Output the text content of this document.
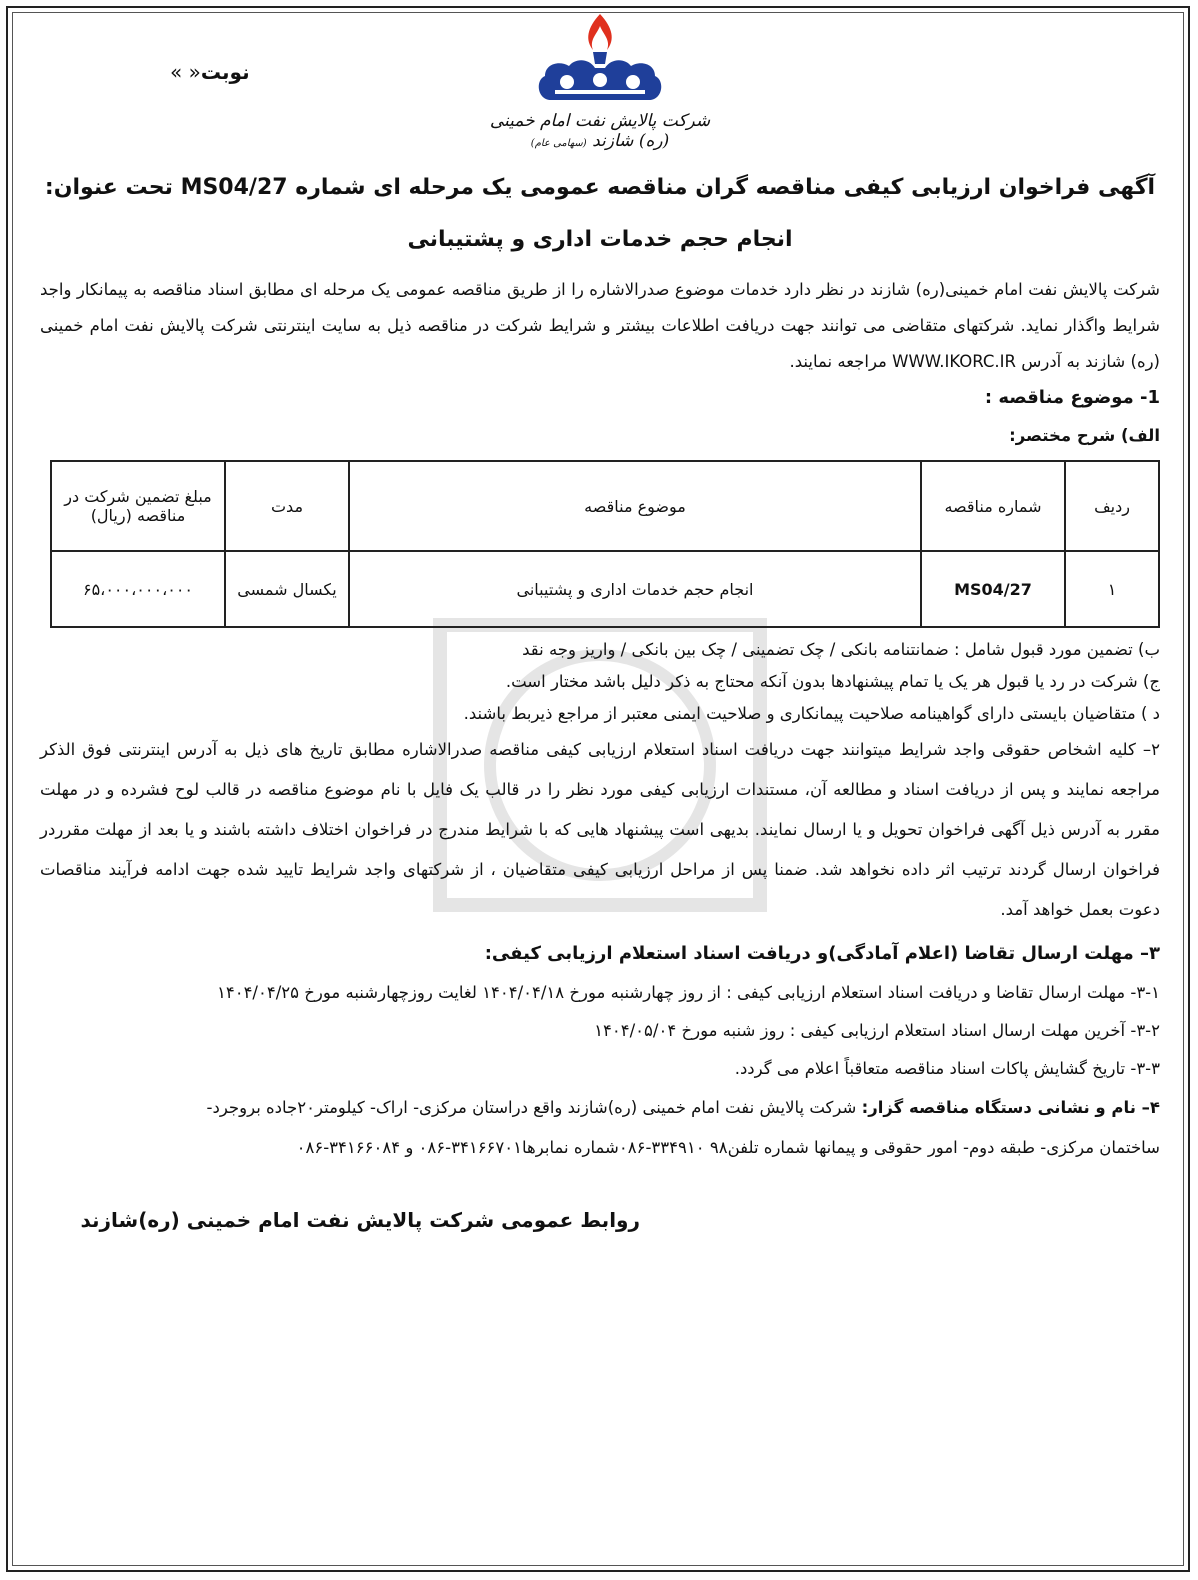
نوبت« »
شرکت پالایش نفت امام خمینی (ره) شازند (سهامی عام)
آگهی فراخوان ارزیابی کیفی مناقصه گران مناقصه عمومی یک مرحله ای شماره MS04/27 تحت عنوان:
انجام حجم خدمات اداری و پشتیبانی
شرکت پالایش نفت امام خمینی(ره) شازند در نظر دارد خدمات موضوع صدرالاشاره را از طریق مناقصه عمومی یک مرحله ای مطابق اسناد مناقصه به پیمانکار واجد شرایط واگذار نماید. شرکتهای متقاضی می توانند جهت دریافت اطلاعات بیشتر و شرایط شرکت در مناقصه ذیل به سایت اینترنتی شرکت پالایش نفت امام خمینی (ره) شازند به آدرس WWW.IKORC.IR مراجعه نمایند.
1- موضوع مناقصه :
الف) شرح مختصر:
ردیف	شماره مناقصه	موضوع مناقصه	مدت	مبلغ تضمین شرکت در مناقصه (ریال)
۱	MS04/27	انجام حجم خدمات اداری و پشتیبانی	یکسال شمسی	۶۵،۰۰۰،۰۰۰،۰۰۰
ب) تضمین مورد قبول شامل : ضمانتنامه بانکی / چک تضمینی / چک بین بانکی / واریز وجه نقد
ج) شرکت در رد یا قبول هر یک یا تمام پیشنهادها بدون آنکه محتاج به ذکر دلیل باشد مختار است.
د ) متقاضیان بایستی دارای گواهینامه صلاحیت پیمانکاری و صلاحیت ایمنی معتبر از مراجع ذیربط باشند.
۲– کلیه اشخاص حقوقی واجد شرایط میتوانند جهت دریافت اسناد استعلام ارزیابی کیفی مناقصه صدرالاشاره مطابق تاریخ های ذیل به آدرس اینترنتی فوق الذکر مراجعه نمایند و پس از دریافت اسناد و مطالعه آن، مستندات ارزیابی کیفی مورد نظر را در قالب یک فایل با نام موضوع مناقصه در قالب لوح فشرده و در مهلت مقرر به آدرس ذیل آگهی فراخوان تحویل و یا ارسال نمایند. بدیهی است پیشنهاد هایی که با شرایط مندرج در فراخوان اختلاف داشته باشند و یا بعد از مهلت مقرردر فراخوان ارسال گردند ترتیب اثر داده نخواهد شد. ضمنا پس از مراحل ارزیابی کیفی متقاضیان ، از شرکتهای واجد شرایط تایید شده جهت ادامه فرآیند مناقصات دعوت بعمل خواهد آمد.
۳– مهلت ارسال تقاضا (اعلام آمادگی)و دریافت اسناد استعلام ارزیابی کیفی:
۳-۱- مهلت ارسال تقاضا و دریافت اسناد استعلام ارزیابی کیفی : از روز چهارشنبه مورخ ۱۴۰۴/۰۴/۱۸ لغایت روزچهارشنبه مورخ ۱۴۰۴/۰۴/۲۵
۳-۲- آخرین مهلت ارسال اسناد استعلام ارزیابی کیفی : روز شنبه مورخ ۱۴۰۴/۰۵/۰۴
۳-۳- تاریخ گشایش پاکات اسناد مناقصه متعاقباً اعلام می گردد.
۴– نام و نشانی دستگاه مناقصه گزار: شرکت پالایش نفت امام خمینی (ره)شازند واقع دراستان مرکزی- اراک- کیلومتر۲۰جاده بروجرد-
ساختمان مرکزی- طبقه دوم- امور حقوقی و پیمانها شماره تلفن۹۸ ۳۳۴۹۱۰-۰۸۶شماره نمابرها۳۴۱۶۶۷۰۱-۰۸۶ و ۳۴۱۶۶۰۸۴-۰۸۶
روابط عمومی شرکت پالایش نفت امام خمینی (ره)شازند
